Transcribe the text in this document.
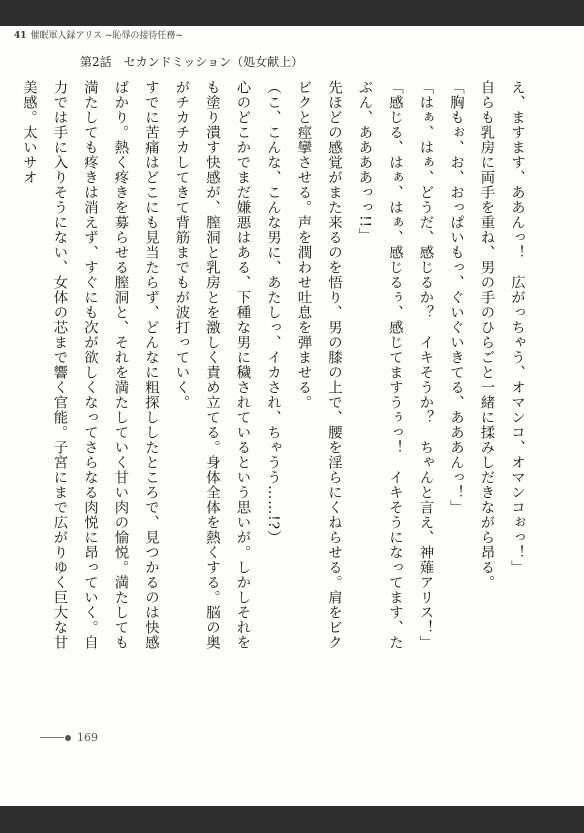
41 催眠軍人録アリス ~恥辱の接待任務~
第2話　セカンドミッション（処女献上）

え、ますます、ああんっ！　広がっちゃう、オマンコ、オマンコぉっ！」

自らも乳房に両手を重ね、男の手のひらごと一緒に揉みしだきながら昂る。

「胸もぉ、お、おっぱいもっ、ぐいぐいきてる、あああんっ！」

「はぁ、はぁ、どうだ、感じるか？　イキそうか？　ちゃんと言え、神薙アリス！」

「感じる、はぁ、はぁ、感じるぅ、感じてますうぅっ！　イキそうになってます、たぶん、ああああっっ!!」

先ほどの感覚がまた来るのを悟り、男の膝の上で、腰を淫らにくねらせる。肩をビクビクと痙攣させる。声を潤わせ吐息を弾ませる。

（こ、こんな、こんな男に、あたしっ、イカされ、ちゃうう……!?）

心のどこかでまだ嫌悪はある、下種な男に穢されているという思いが。しかしそれをも塗り潰す快感が、膣洞と乳房とを激しく責め立てる。身体全体を熱くする。脳の奥がチカチカしてきて背筋までもが波打っていく。

すでに苦痛はどこにも見当たらず、どんなに粗探ししたところで、見つかるのは快感ばかり。熱く疼きを募らせる膣洞と、それを満たしていく甘い肉の愉悦。満たしても満たしても疼きは消えず、すぐにも次が欲しくなってさらなる肉悦に昂っていく。自力では手に入りそうにない、女体の芯まで響く官能。子宮にまで広がりゆく巨大な甘美感。太いサオ

169
